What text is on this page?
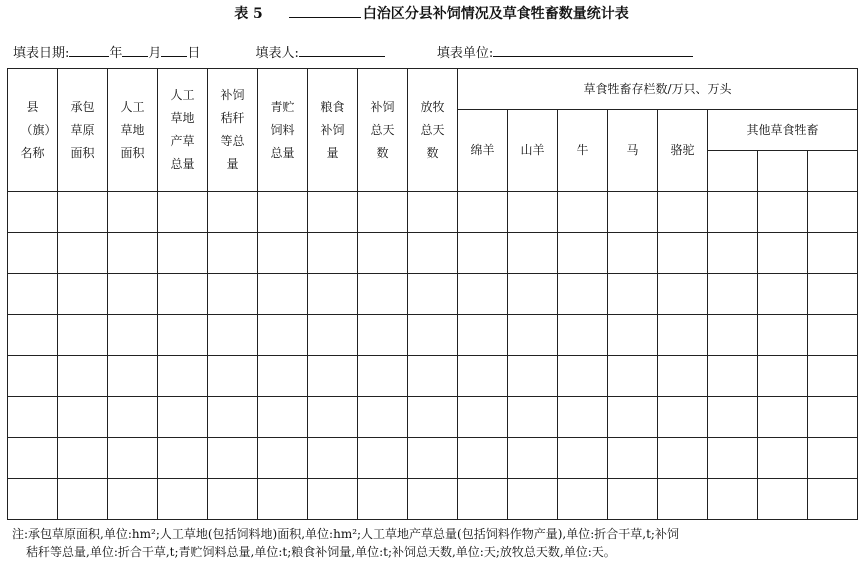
表 5	白治区分县补饲情况及草食牲畜数量统计表
填表日期:	年 月 日	填表人:	填表单位:
县（旗）名称	承包草原面积	人工草地面积	人工草地产草总量	补饲秸秆等总量	青贮饲料总量	粮食补饲量	补饲总天数	放牧总天数	草食牲畜存栏数/万只、万头							
									绵羊	山羊	牛	马	骆驼	其他草食牲畜		

注:承包草原面积,单位:hm²;人工草地(包括饲料地)面积,单位:hm²;人工草地产草总量(包括饲料作物产量),单位:折合干草,t;补饲
秸秆等总量,单位:折合干草,t;青贮饲料总量,单位:t;粮食补饲量,单位:t;补饲总天数,单位:天;放牧总天数,单位:天。
